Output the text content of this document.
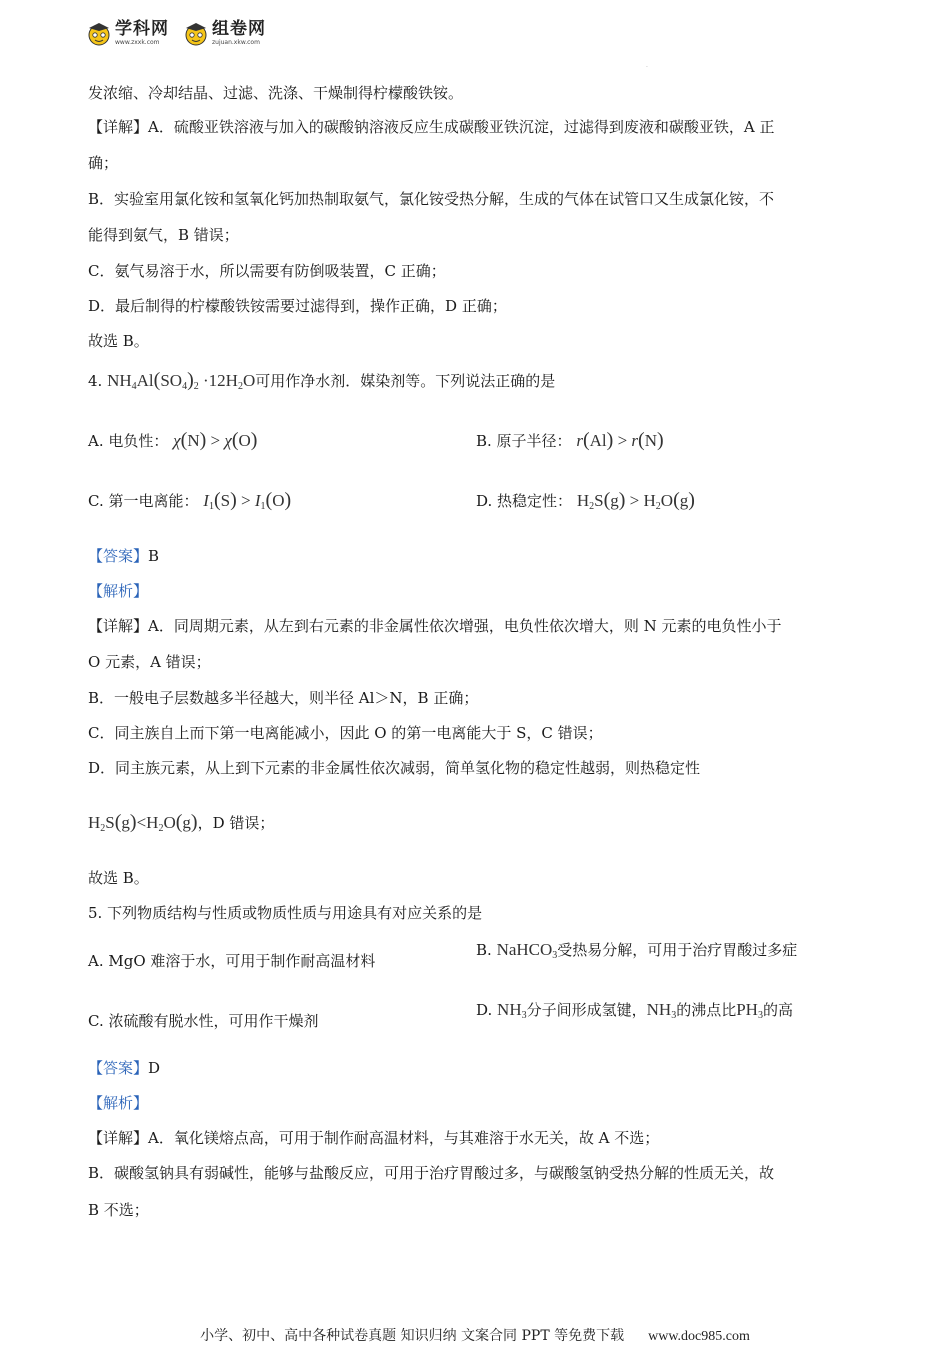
学科网
www.zxxk.com
组卷网
zujuan.xkw.com
.
发浓缩、冷却结晶、过滤、洗涤、干燥制得柠檬酸铁铵。
【详解】A．硫酸亚铁溶液与加入的碳酸钠溶液反应生成碳酸亚铁沉淀，过滤得到废液和碳酸亚铁，A 正
确；
B．实验室用氯化铵和氢氧化钙加热制取氨气，氯化铵受热分解，生成的气体在试管口又生成氯化铵，不
能得到氨气，B 错误；
C．氨气易溶于水，所以需要有防倒吸装置，C 正确；
D．最后制得的柠檬酸铁铵需要过滤得到，操作正确，D 正确；
故选 B。
4. $NH_4Al(SO_4)_2 \cdot 12H_2O$可用作净水剂．媒染剂等。下列说法正确的是
A. 电负性： χ(N) > χ(O)	B. 原子半径： r(Al) > r(N)
C. 第一电离能： $I_1(S) > I_1(O)$	D. 热稳定性： $H_2S(g) > H_2O(g)$
【答案】B
【解析】
【详解】A．同周期元素，从左到右元素的非金属性依次增强，电负性依次增大，则 N 元素的电负性小于
O 元素，A 错误；
B．一般电子层数越多半径越大，则半径 Al＞N，B 正确；
C．同主族自上而下第一电离能减小，因此 O 的第一电离能大于 S，C 错误；
D．同主族元素，从上到下元素的非金属性依次减弱，简单氢化物的稳定性越弱，则热稳定性
$H_2S(g)<H_2O(g)$，D 错误；
故选 B。
5. 下列物质结构与性质或物质性质与用途具有对应关系的是
A. MgO 难溶于水，可用于制作耐高温材料
B. NaHCO$_3$受热易分解，可用于治疗胃酸过多症
C. 浓硫酸有脱水性，可用作干燥剂
D. $NH_3$分子间形成氢键，$NH_3$的沸点比$PH_3$的高
【答案】D
【解析】
【详解】A．氧化镁熔点高，可用于制作耐高温材料，与其难溶于水无关，故 A 不选；
B．碳酸氢钠具有弱碱性，能够与盐酸反应，可用于治疗胃酸过多，与碳酸氢钠受热分解的性质无关，故
B 不选；
小学、初中、高中各种试卷真题 知识归纳 文案合同 PPT 等免费下载 www.doc985.com
